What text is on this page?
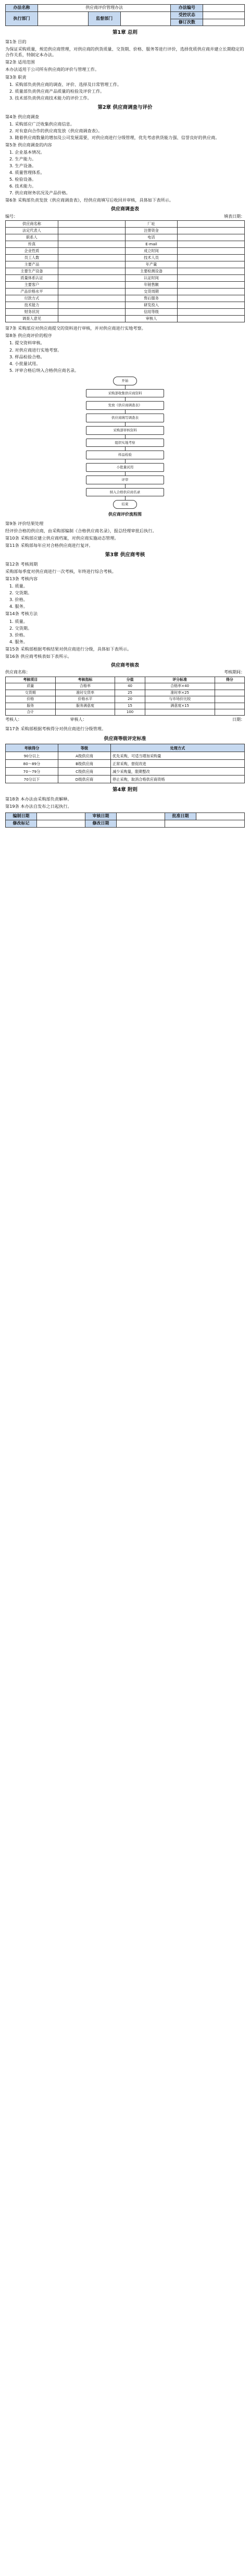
办法名称	供应商评价管理办法			办法编号	
执行部门		监督部门		受控状态	
				修订次数	
第1章 总则
第1条 目的
为保证采购质量，规范供应商管理，对供应商的供货质量、交货期、价格、服务等进行评价，选择优质供应商并建立长期稳定的合作关系，特制定本办法。
第2条 适用范围
本办法适用于公司所有供应商的评价与管理工作。
第3条 职责
1. 采购部负责供应商的调查、评价、选择及日常管理工作。
2. 质量部负责供应商产品质量的检验及评价工作。
3. 技术部负责供应商技术能力的评价工作。
第2章 供应商调查与评价
第4条 供应商调查
1. 采购部应广泛收集供应商信息。
2. 对有意向合作的供应商发放《供应商调查表》。
3. 随着供应商数量的增加及公司发展需要，对供应商进行分级管理，优先考虑供货能力强、信誉良好的供应商。
第5条 供应商调查的内容
1. 企业基本情况。
2. 生产能力。
3. 生产设备。
4. 质量管理体系。
5. 检验设备。
6. 技术能力。
7. 供应商财务状况及产品价格。
第6条 采购部负责发放《供应商调查表》，经供应商填写后收回并审核，具体如下表所示。
供应商调查表
编号：	填表日期：
供应商名称		厂址	
法定代表人		注册资金	
联系人		电话	
传真		E-mail	
企业性质		成立时间	
员工人数		技术人员	
主要产品		年产量	
主要生产设备		主要检测设备	
质量体系认证		认证时间	
主要客户		年销售额	
产品价格水平		交货周期	
付款方式		售后服务	
技术能力		研发投入	
财务状况		信用等级	
调查人意见		审核人	
第7条 采购部应对供应商提交的资料进行审核，并对供应商进行实地考察。
第8条 供应商评价的程序
1. 提交资料审核。
2. 对供应商进行实地考察。
3. 样品检验合格。
4. 小批量试用。
5. 评审合格后纳入合格供应商名录。
开始
采购部收集供应商资料
发放《供应商调查表》
供应商填写调查表
采购部审核资料
组织实地考察
样品检验
小批量试用
评审
纳入合格供应商名录
结束
供应商评价流程图
第9条 评价结果处理
经评价合格的供应商，由采购部编制《合格供应商名录》，报总经理审批后执行。
第10条 采购部应建立供应商档案，对供应商实施动态管理。
第11条 采购部每年应对合格供应商进行复评。
第3章 供应商考核
第12条 考核周期
采购部每季度对供应商进行一次考核，年终进行综合考核。
第13条 考核内容
1. 质量。
2. 交货期。
3. 价格。
4. 服务。
第14条 考核方法
1. 质量。
2. 交货期。
3. 价格。
4. 服务。
第15条 采购部根据考核结果对供应商进行分级，具体如下表所示。
第16条 供应商考核表如下表所示。
供应商考核表
供应商名称：	考核期间：
考核项目	考核指标	分值	评分标准	得分
质量	合格率	40	合格率×40	
交货期	准时交货率	25	准时率×25	
价格	价格水平	20	与市场价比较	
服务	服务满意度	15	满意度×15	
合计		100		
考核人：	审核人：	日期：
第17条 采购部根据考核得分对供应商进行分级管理。
供应商等级评定标准
考核得分	等级	处理方式
90分以上	A级供应商	优先采购，可适当增加采购量
80～89分	B级供应商	正常采购，督促改进
70～79分	C级供应商	减少采购量，限期整改
70分以下	D级供应商	停止采购，取消合格供应商资格
第4章 附则
第18条 本办法由采购部负责解释。
第19条 本办法自发布之日起执行。
编制日期		审核日期		批准日期	
修改标记		修改日期			
